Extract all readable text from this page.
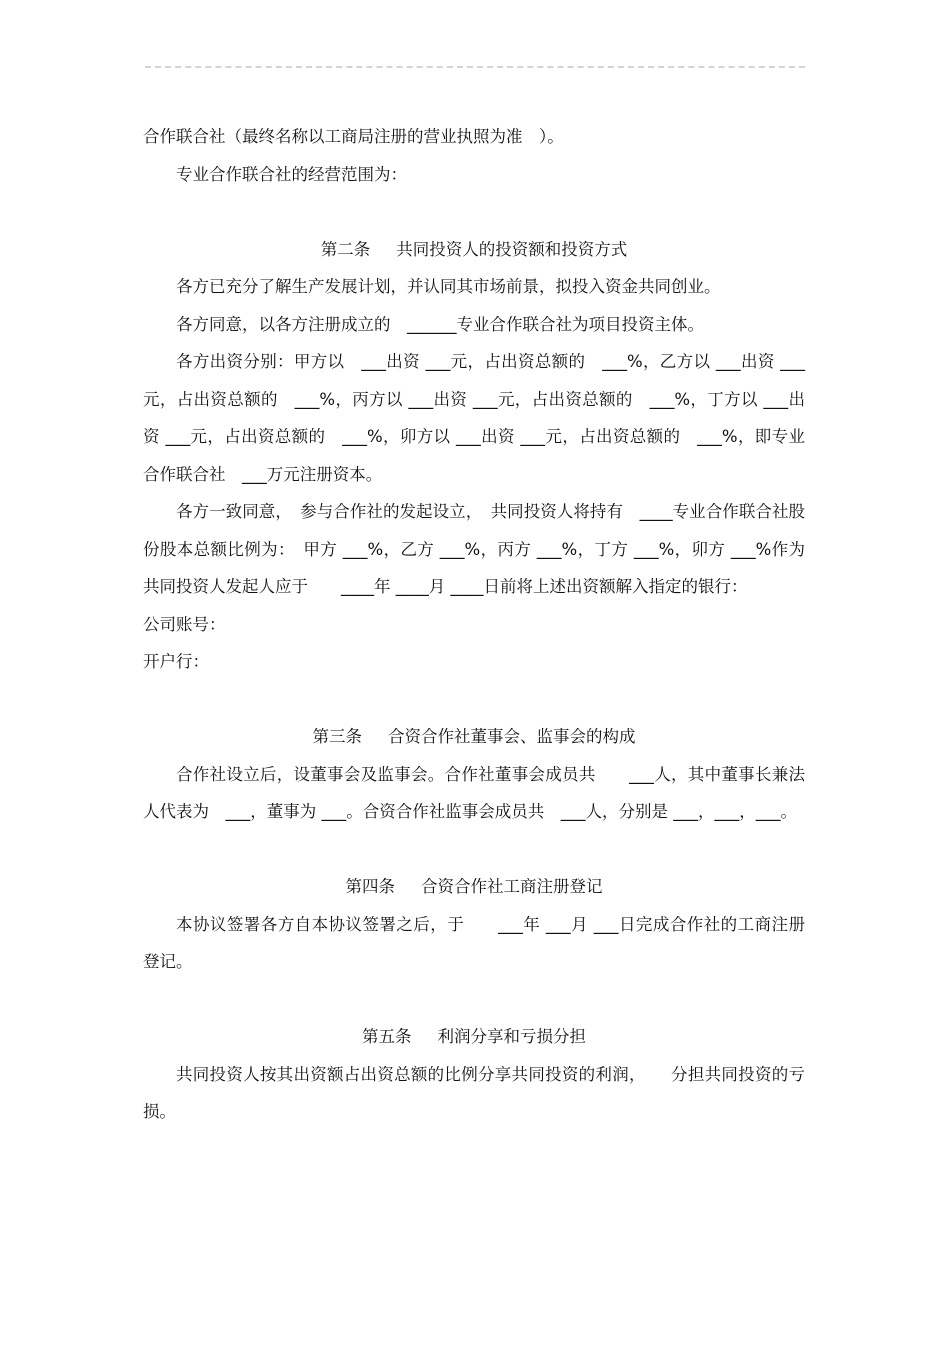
合作联合社（最终名称以工商局注册的营业执照为准　）。

专业合作联合社的经营范围为：

第二条 共同投资人的投资额和投资方式

各方已充分了解生产发展计划，并认同其市场前景，拟投入资金共同创业。

各方同意，以各方注册成立的　______专业合作联合社为项目投资主体。

各方出资分别：甲方以　___出资 ___元，占出资总额的　___%，乙方以 ___出资 ___元，占出资总额的　___%，丙方以 ___出资 ___元，占出资总额的　___%，丁方以 ___出资 ___元，占出资总额的　___%，卯方以 ___出资 ___元，占出资总额的　___%，即专业合作联合社　___万元注册资本。

各方一致同意，　参与合作社的发起设立，　共同投资人将持有　____专业合作联合社股份股本总额比例为：　甲方 ___%，乙方 ___%，丙方 ___%，丁方 ___%，卯方 ___%作为共同投资人发起人应于　　____年 ____月 ____日前将上述出资额解入指定的银行：

公司账号：

开户行：

第三条 合资合作社董事会、监事会的构成

合作社设立后，设董事会及监事会。合作社董事会成员共　　___人，其中董事长兼法人代表为　___，董事为 ___。合资合作社监事会成员共　___人，分别是 ___，___，___。

第四条 合资合作社工商注册登记

本协议签署各方自本协议签署之后，于　　___年 ___月 ___日完成合作社的工商注册登记。

第五条 利润分享和亏损分担

共同投资人按其出资额占出资总额的比例分享共同投资的利润，　　分担共同投资的亏损。
